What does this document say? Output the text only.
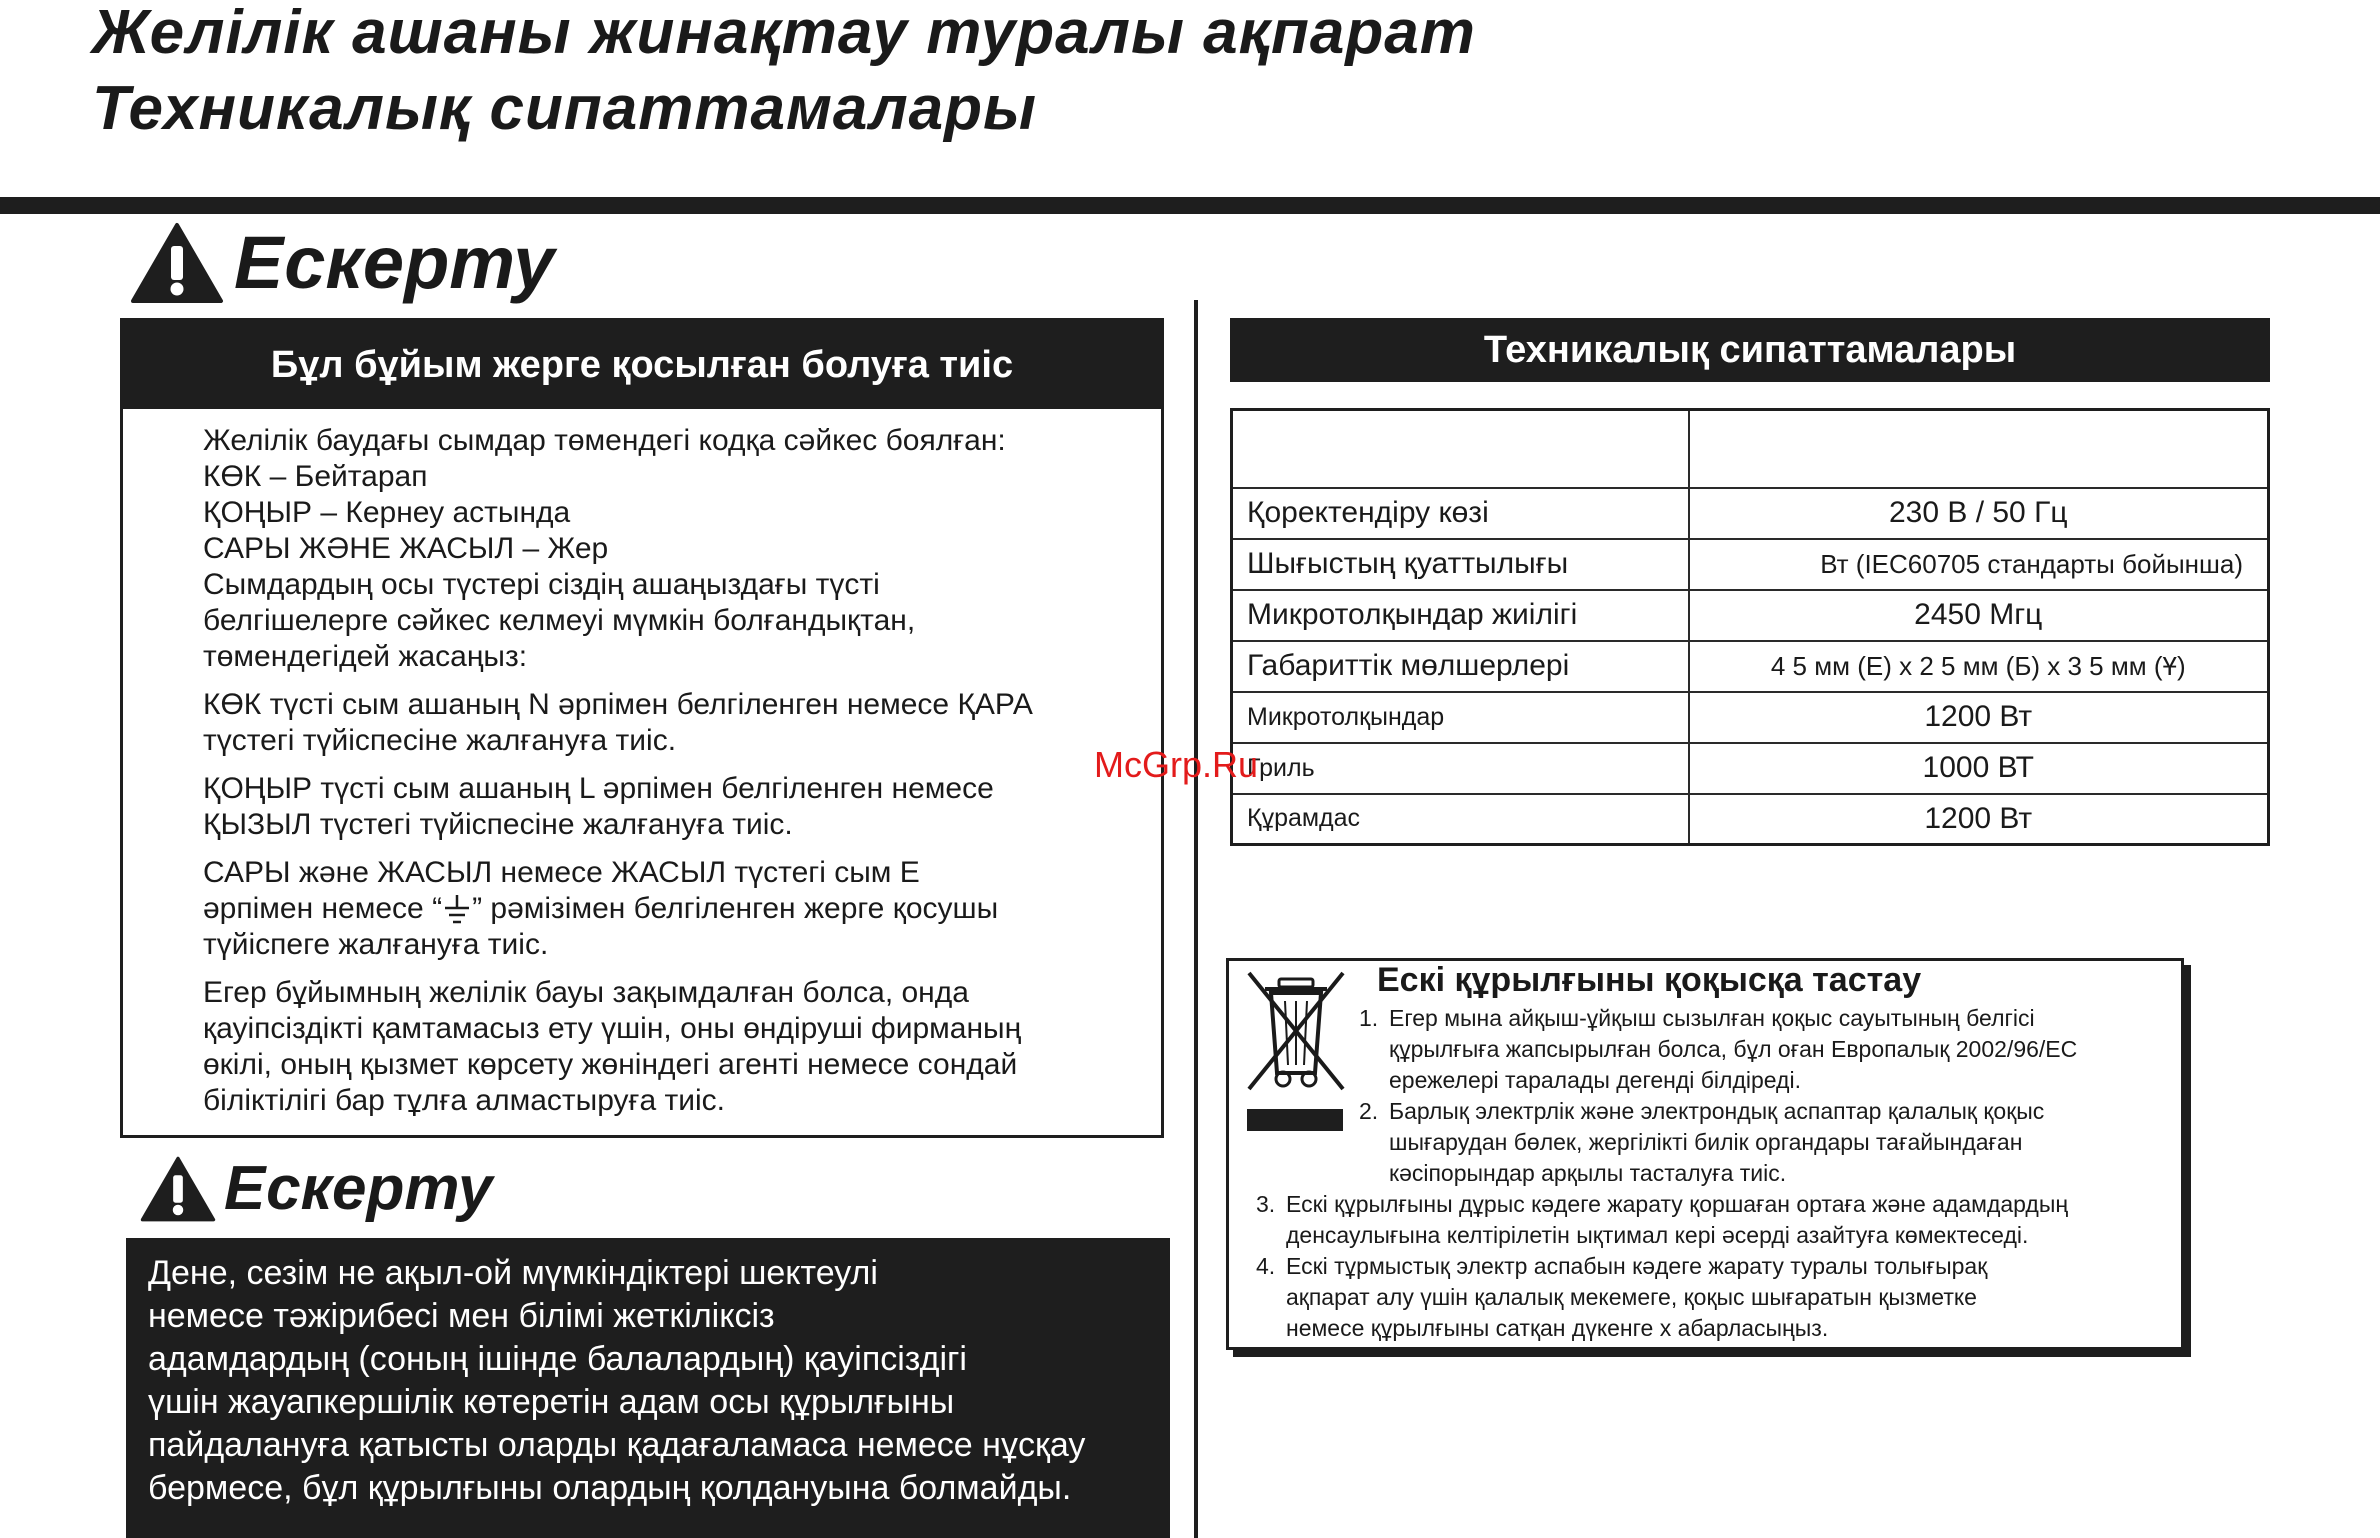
Желілік ашаны жинақтау туралы ақпарат
Техникалық сипаттамалары
Ескерту
Бұл бұйым жерге қосылған болуға тиіс
Желілік баудағы сымдар төмендегі кодқа сәйкес боялған:
КӨК – Бейтарап
ҚОҢЫР – Кернеу астында
САРЫ ЖӘНЕ ЖАСЫЛ – Жер
Сымдардың осы түстері сіздің ашаңыздағы түсті
белгішелерге сәйкес келмеуі мүмкін болғандықтан,
төмендегідей жасаңыз:
КӨК түсті сым ашаның N әрпімен белгіленген немесе ҚАРА
түстегі түйіспесіне жалғануға тиіс.
ҚОҢЫР түсті сым ашаның L әрпімен белгіленген немесе
ҚЫЗЫЛ түстегі түйіспесіне жалғануға тиіс.
САРЫ және ЖАСЫЛ немесе ЖАСЫЛ түстегі сым Е
әрпімен немесе “ ” рәмізімен белгіленген жерге қосушы
түйіспеге жалғануға тиіс.
Егер бұйымның желілік бауы зақымдалған болса, онда
қауіпсіздікті қамтамасыз ету үшін, оны өндіруші фирманың
өкілі, оның қызмет көрсету жөніндегі агенті немесе сондай
біліктілігі бар тұлға алмастыруға тиіс.
Ескерту
Дене, сезім не ақыл-ой мүмкіндіктері шектеулі
немесе тәжірибесі мен білімі жеткіліксіз
адамдардың (соның ішінде балалардың) қауіпсіздігі
үшін жауапкершілік көтеретін адам осы құрылғыны
пайдалануға қатысты оларды қадағаламаса немесе нұсқау
бермесе, бұл құрылғыны олардың қолдануына болмайды.
Техникалық сипаттамалары

Қоректендіру көзі	230 В / 50 Гц
Шығыстың қуаттылығы	Вт (IEC60705 стандарты бойынша)
Микротолқындар жиілігі	2450 Мгц
Габариттік мөлшерлері	4 5 мм (Е) х 2 5 мм (Б) х 3 5 мм (Ұ)
Микротолқындар	1200 Вт
Гриль	1000 ВТ
Құрамдас	1200 Вт
Ескі құрылғыны қоқысқа тастау
1. Егер мына айқыш-ұйқыш сызылған қоқыс сауытының белгісі
құрылғыға жапсырылған болса, бұл оған Европалық 2002/96/ЕС
ережелері таралады дегенді білдіреді.
2. Барлық электрлік және электрондық аспаптар қалалық қоқыс
шығарудан бөлек, жергілікті билік органдары тағайындаған
кәсіпорындар арқылы тасталуға тиіс.
3. Ескі құрылғыны дұрыс кәдеге жарату қоршаған ортаға және адамдардың
денсаулығына келтірілетін ықтимал кері әсерді азайтуға көмектеседі.
4. Ескі тұрмыстық электр аспабын кәдеге жарату туралы толығырақ
ақпарат алу үшін қалалық мекемеге, қоқыс шығаратын қызметке
немесе құрылғыны сатқан дүкенге х абарласыңыз.
McGrp.Ru
